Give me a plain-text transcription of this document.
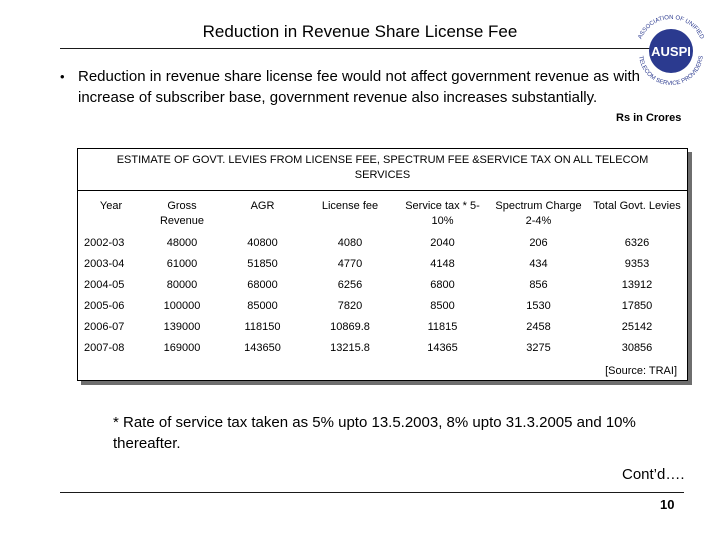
Reduction in Revenue Share License Fee
AUSPI
ASSOCIATION OF UNIFIED
TELECOM SERVICE PROVIDERS
• Reduction in revenue share license fee would not affect government revenue as with increase of subscriber base, government revenue also increases substantially.
Rs in Crores
ESTIMATE OF GOVT. LEVIES FROM LICENSE FEE, SPECTRUM FEE &SERVICE TAX ON ALL TELECOM SERVICES
Year	Gross Revenue	AGR	License fee	Service tax * 5-10%	Spectrum Charge 2-4%	Total Govt. Levies
2002-03	48000	40800	4080	2040	206	6326
2003-04	61000	51850	4770	4148	434	9353
2004-05	80000	68000	6256	6800	856	13912
2005-06	100000	85000	7820	8500	1530	17850
2006-07	139000	118150	10869.8	11815	2458	25142
2007-08	169000	143650	13215.8	14365	3275	30856
[Source: TRAI]
* Rate of service tax taken as 5% upto 13.5.2003, 8% upto 31.3.2005 and 10% thereafter.
Cont’d….
10
